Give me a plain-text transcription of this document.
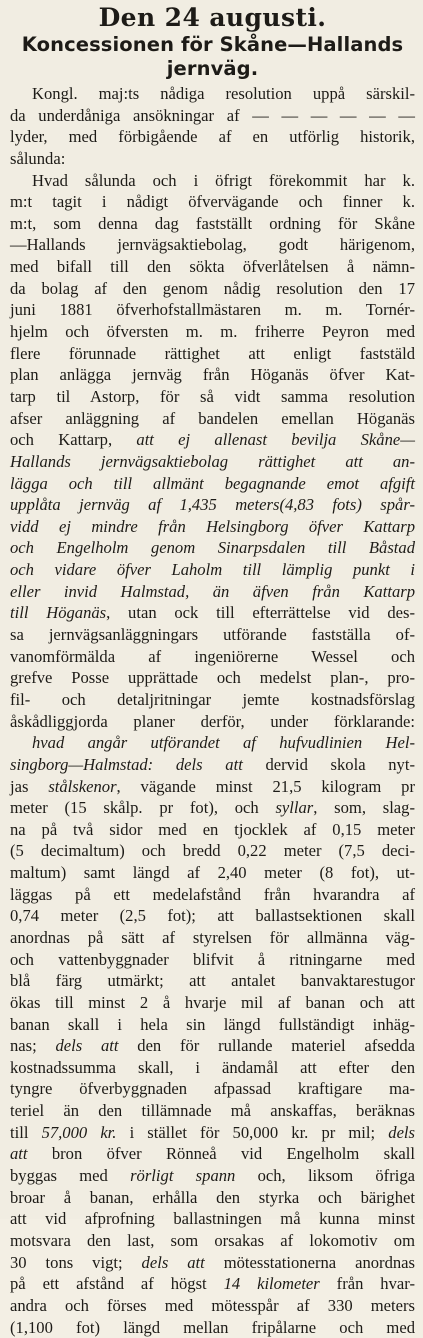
Den 24 augusti.
Koncessionen för Skåne—Hallands jernväg.
Kongl. maj:ts nådiga resolution uppå särskil-
da underdåniga ansökningar af — — — — — —
lyder, med förbigående af en utförlig historik,
sålunda:
Hvad sålunda och i öfrigt förekommit har k.
m:t tagit i nådigt öfvervägande och finner k.
m:t, som denna dag fastställt ordning för Skåne
—Hallands jernvägsaktiebolag, godt härigenom,
med bifall till den sökta öfverlåtelsen å nämn-
da bolag af den genom nådig resolution den 17
juni 1881 öfverhofstallmästaren m. m. Tornér-
hjelm och öfversten m. m. friherre Peyron med
flere förunnade rättighet att enligt faststäld
plan anlägga jernväg från Höganäs öfver Kat-
tarp til Astorp, för så vidt samma resolution
afser anläggning af bandelen emellan Höganäs
och Kattarp, att ej allenast bevilja Skåne—
Hallands jernvägsaktiebolag rättighet att an-
lägga och till allmänt begagnande emot afgift
upplåta jernväg af 1,435 meters(4,83 fots) spår-
vidd ej mindre från Helsingborg öfver Kattarp
och Engelholm genom Sinarpsdalen till Båstad
och vidare öfver Laholm till lämplig punkt i
eller invid Halmstad, än äfven från Kattarp
till Höganäs, utan ock till efterrättelse vid des-
sa jernvägsanläggningars utförande fastställa of-
vanomförmälda af ingeniörerne Wessel och
grefve Posse upprättade och medelst plan-, pro-
fil- och detaljritningar jemte kostnadsförslag
åskådliggjorda planer derför, under förklarande:
hvad angår utförandet af hufvudlinien Hel-
singborg—Halmstad: dels att dervid skola nyt-
jas stålskenor, vägande minst 21,5 kilogram pr
meter (15 skålp. pr fot), och syllar, som, slag-
na på två sidor med en tjocklek af 0,15 meter
(5 decimaltum) och bredd 0,22 meter (7,5 deci-
maltum) samt längd af 2,40 meter (8 fot), ut-
läggas på ett medelafstånd från hvarandra af
0,74 meter (2,5 fot); att ballastsektionen skall
anordnas på sätt af styrelsen för allmänna väg-
och vattenbyggnader blifvit å ritningarne med
blå färg utmärkt; att antalet banvaktarestugor
ökas till minst 2 å hvarje mil af banan och att
banan skall i hela sin längd fullständigt inhäg-
nas; dels att den för rullande materiel afsedda
kostnadssumma skall, i ändamål att efter den
tyngre öfverbyggnaden afpassad kraftigare ma-
teriel än den tillämnade må anskaffas, beräknas
till 57,000 kr. i stället för 50,000 kr. pr mil; dels
att bron öfver Rönneå vid Engelholm skall
byggas med rörligt spann och, liksom öfriga
broar å banan, erhålla den styrka och bärighet
att vid afprofning ballastningen må kunna minst
motsvara den last, som orsakas af lokomotiv om
30 tons vigt; dels att mötesstationerna anordnas
på ett afstånd af högst 14 kilometer från hvar-
andra och förses med mötesspår af 330 meters
(1,100 fot) längd mellan fripålarne och med
